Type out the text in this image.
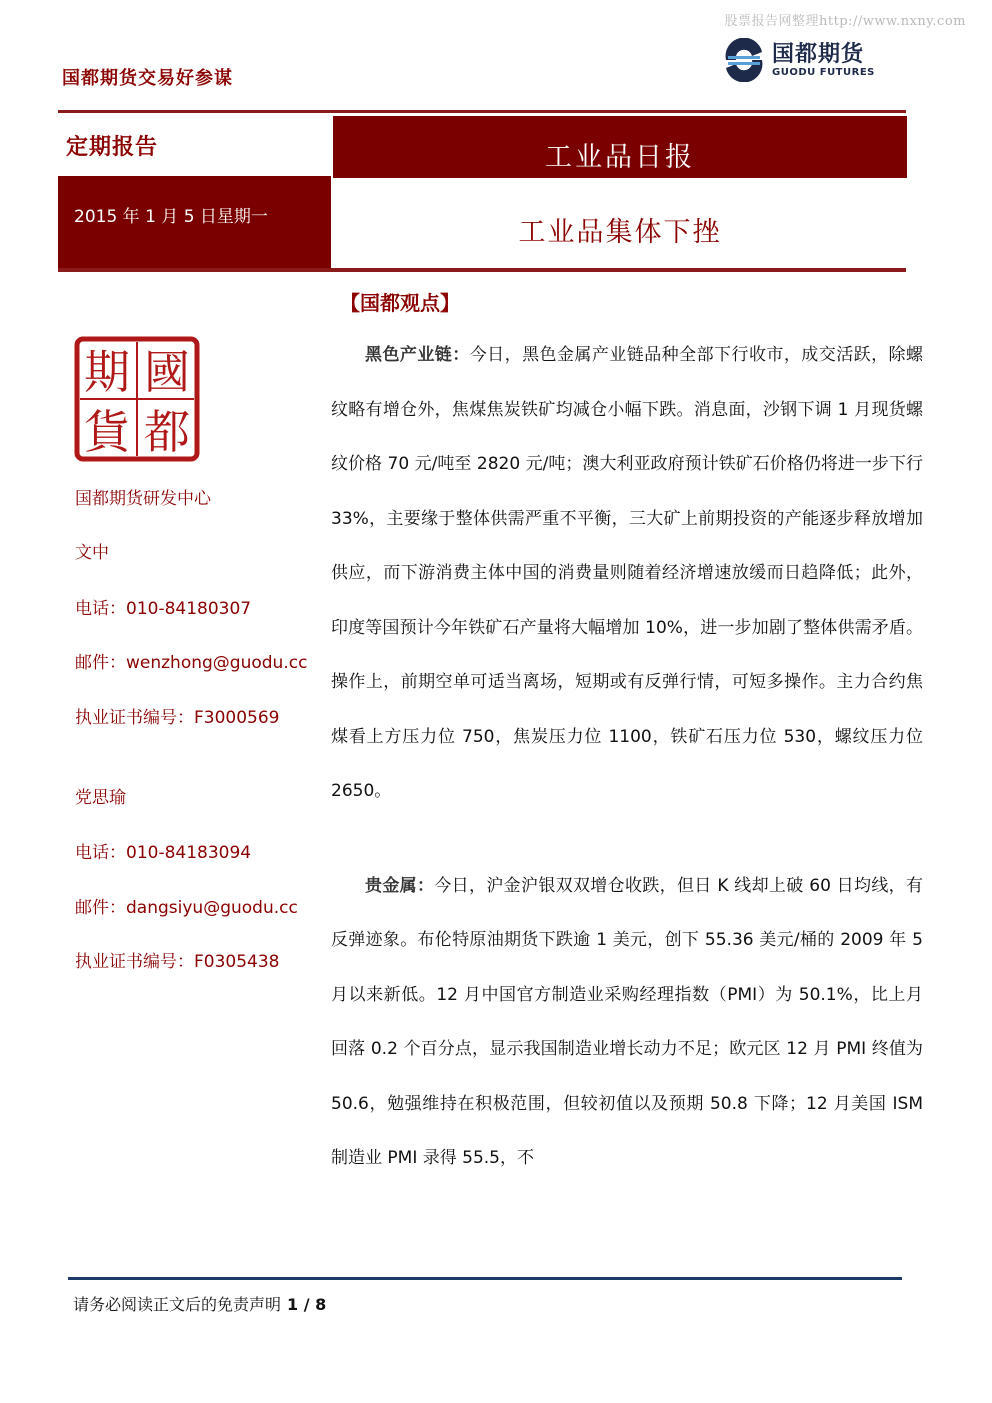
股票报告网整理http://www.nxny.com
国都期货交易好参谋
国都期货
GUODU FUTURES
定期报告	工业品日报
2015 年 1 月 5 日星期一	工业品集体下挫
【国都观点】
國
都
期
貨
国都期货研发中心
文中
电话：010-84180307
邮件：wenzhong@guodu.cc
执业证书编号：F3000569
党思瑜
电话：010-84183094
邮件：dangsiyu@guodu.cc
执业证书编号：F0305438

黑色产业链：今日，黑色金属产业链品种全部下行收市，成交活跃，除螺纹略有增仓外，焦煤焦炭铁矿均减仓小幅下跌。消息面，沙钢下调 1 月现货螺纹价格 70 元/吨至 2820 元/吨；澳大利亚政府预计铁矿石价格仍将进一步下行 33%，主要缘于整体供需严重不平衡，三大矿上前期投资的产能逐步释放增加供应，而下游消费主体中国的消费量则随着经济增速放缓而日趋降低；此外，印度等国预计今年铁矿石产量将大幅增加 10%，进一步加剧了整体供需矛盾。操作上，前期空单可适当离场，短期或有反弹行情，可短多操作。主力合约焦煤看上方压力位 750，焦炭压力位 1100，铁矿石压力位 530，螺纹压力位 2650。

贵金属：今日，沪金沪银双双增仓收跌，但日 K 线却上破 60 日均线，有反弹迹象。布伦特原油期货下跌逾 1 美元，创下 55.36 美元/桶的 2009 年 5 月以来新低。12 月中国官方制造业采购经理指数（PMI）为 50.1%，比上月回落 0.2 个百分点，显示我国制造业增长动力不足；欧元区 12 月 PMI 终值为 50.6，勉强维持在积极范围，但较初值以及预期 50.8 下降；12 月美国 ISM 制造业 PMI 录得 55.5，不

请务必阅读正文后的免责声明 1 / 8
